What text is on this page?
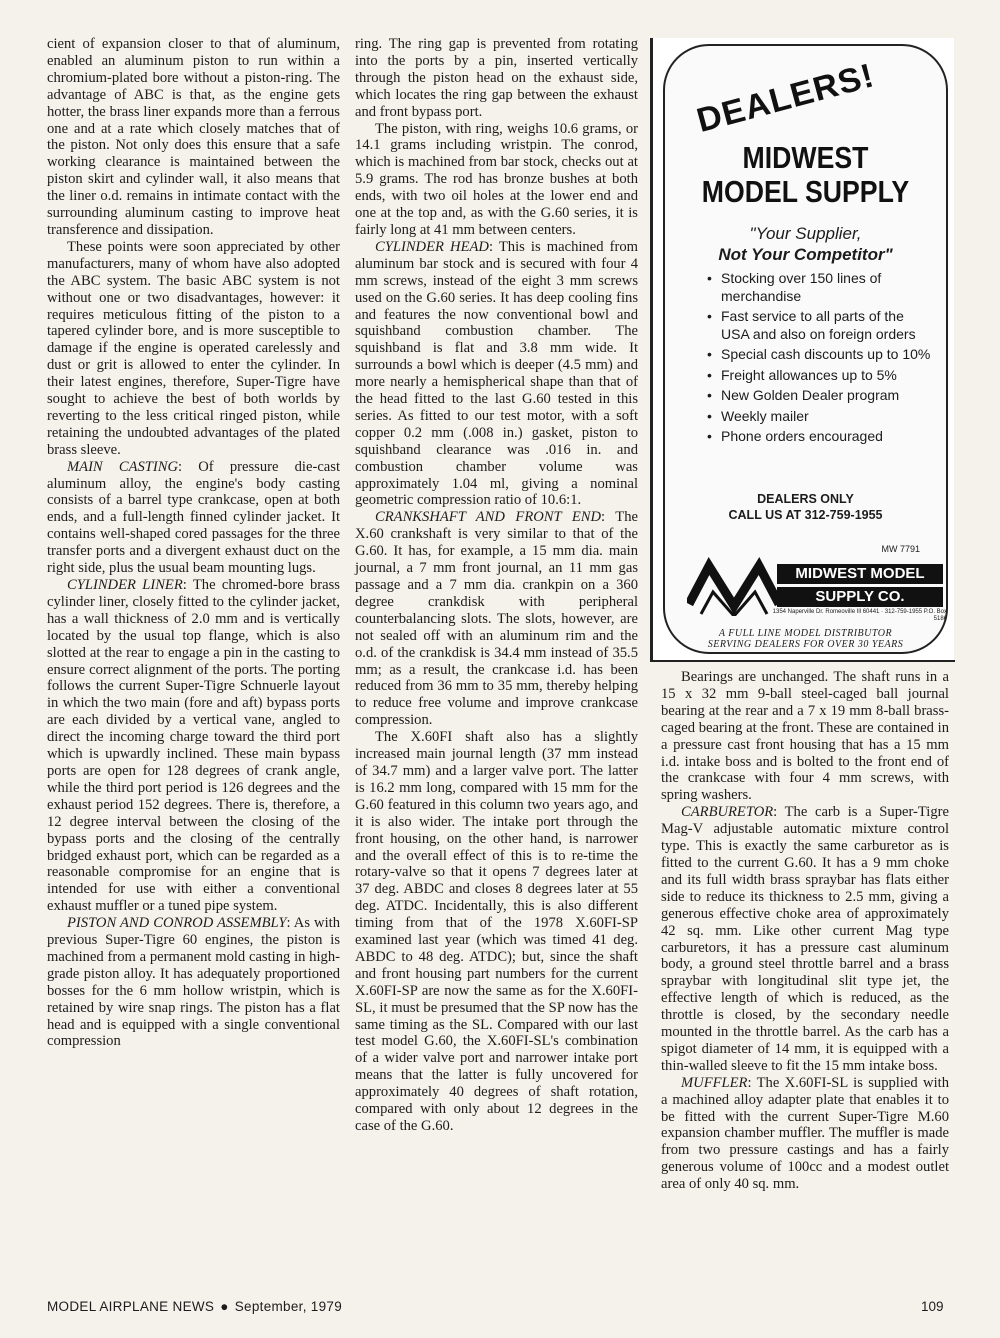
cient of expansion closer to that of aluminum, enabled an aluminum piston to run within a chromium-plated bore without a piston-ring. The advantage of ABC is that, as the engine gets hotter, the brass liner expands more than a ferrous one and at a rate which closely matches that of the piston. Not only does this ensure that a safe working clearance is maintained between the piston skirt and cylinder wall, it also means that the liner o.d. remains in intimate contact with the surrounding aluminum casting to improve heat transference and dissipation.

These points were soon appreciated by other manufacturers, many of whom have also adopted the ABC system. The basic ABC system is not without one or two disadvantages, however: it requires meticulous fitting of the piston to a tapered cylinder bore, and is more susceptible to damage if the engine is operated carelessly and dust or grit is allowed to enter the cylinder. In their latest engines, therefore, Super-Tigre have sought to achieve the best of both worlds by reverting to the less critical ringed piston, while retaining the undoubted advantages of the plated brass sleeve.

MAIN CASTING: Of pressure die-cast aluminum alloy, the engine's body casting consists of a barrel type crankcase, open at both ends, and a full-length finned cylinder jacket. It contains well-shaped cored passages for the three transfer ports and a divergent exhaust duct on the right side, plus the usual beam mounting lugs.

CYLINDER LINER: The chromed-bore brass cylinder liner, closely fitted to the cylinder jacket, has a wall thickness of 2.0 mm and is vertically located by the usual top flange, which is also slotted at the rear to engage a pin in the casting to ensure correct alignment of the ports. The porting follows the current Super-Tigre Schnuerle layout in which the two main (fore and aft) bypass ports are each divided by a vertical vane, angled to direct the incoming charge toward the third port which is upwardly inclined. These main bypass ports are open for 128 degrees of crank angle, while the third port period is 126 degrees and the exhaust period 152 degrees. There is, therefore, a 12 degree interval between the closing of the bypass ports and the closing of the centrally bridged exhaust port, which can be regarded as a reasonable compromise for an engine that is intended for use with either a conventional exhaust muffler or a tuned pipe system.

PISTON AND CONROD ASSEMBLY: As with previous Super-Tigre 60 engines, the piston is machined from a permanent mold casting in high-grade piston alloy. It has adequately proportioned bosses for the 6 mm hollow wristpin, which is retained by wire snap rings. The piston has a flat head and is equipped with a single conventional compression

ring. The ring gap is prevented from rotating into the ports by a pin, inserted vertically through the piston head on the exhaust side, which locates the ring gap between the exhaust and front bypass port.

The piston, with ring, weighs 10.6 grams, or 14.1 grams including wristpin. The conrod, which is machined from bar stock, checks out at 5.9 grams. The rod has bronze bushes at both ends, with two oil holes at the lower end and one at the top and, as with the G.60 series, it is fairly long at 41 mm between centers.

CYLINDER HEAD: This is machined from aluminum bar stock and is secured with four 4 mm screws, instead of the eight 3 mm screws used on the G.60 series. It has deep cooling fins and features the now conventional bowl and squishband combustion chamber. The squishband is flat and 3.8 mm wide. It surrounds a bowl which is deeper (4.5 mm) and more nearly a hemispherical shape than that of the head fitted to the last G.60 tested in this series. As fitted to our test motor, with a soft copper 0.2 mm (.008 in.) gasket, piston to squishband clearance was .016 in. and combustion chamber volume was approximately 1.04 ml, giving a nominal geometric compression ratio of 10.6:1.

CRANKSHAFT AND FRONT END: The X.60 crankshaft is very similar to that of the G.60. It has, for example, a 15 mm dia. main journal, a 7 mm front journal, an 11 mm gas passage and a 7 mm dia. crankpin on a 360 degree crankdisk with peripheral counterbalancing slots. The slots, however, are not sealed off with an aluminum rim and the o.d. of the crankdisk is 34.4 mm instead of 35.5 mm; as a result, the crankcase i.d. has been reduced from 36 mm to 35 mm, thereby helping to reduce free volume and improve crankcase compression.

The X.60FI shaft also has a slightly increased main journal length (37 mm instead of 34.7 mm) and a larger valve port. The latter is 16.2 mm long, compared with 15 mm for the G.60 featured in this column two years ago, and it is also wider. The intake port through the front housing, on the other hand, is narrower and the overall effect of this is to re-time the rotary-valve so that it opens 7 degrees later at 37 deg. ABDC and closes 8 degrees later at 55 deg. ATDC. Incidentally, this is also different timing from that of the 1978 X.60FI-SP examined last year (which was timed 41 deg. ABDC to 48 deg. ATDC); but, since the shaft and front housing part numbers for the current X.60FI-SP are now the same as for the X.60FI-SL, it must be presumed that the SP now has the same timing as the SL. Compared with our last test model G.60, the X.60FI-SL's combination of a wider valve port and narrower intake port means that the latter is fully uncovered for approximately 40 degrees of shaft rotation, compared with only about 12 degrees in the case of the G.60.

Bearings are unchanged. The shaft runs in a 15 x 32 mm 9-ball steel-caged ball journal bearing at the rear and a 7 x 19 mm 8-ball brass-caged bearing at the front. These are contained in a pressure cast front housing that has a 15 mm i.d. intake boss and is bolted to the front end of the crankcase with four 4 mm screws, with spring washers.

CARBURETOR: The carb is a Super-Tigre Mag-V adjustable automatic mixture control type. This is exactly the same carburetor as is fitted to the current G.60. It has a 9 mm choke and its full width brass spraybar has flats either side to reduce its thickness to 2.5 mm, giving a generous effective choke area of approximately 42 sq. mm. Like other current Mag type carburetors, it has a pressure cast aluminum body, a ground steel throttle barrel and a brass spraybar with longitudinal slit type jet, the effective length of which is reduced, as the throttle is closed, by the secondary needle mounted in the throttle barrel. As the carb has a spigot diameter of 14 mm, it is equipped with a thin-walled sleeve to fit the 15 mm intake boss.

MUFFLER: The X.60FI-SL is supplied with a machined alloy adapter plate that enables it to be fitted with the current Super-Tigre M.60 expansion chamber muffler. The muffler is made from two pressure castings and has a fairly generous volume of 100cc and a modest outlet area of only 40 sq. mm.

DEALERS!
MIDWEST
MODEL SUPPLY
"Your Supplier,
Not Your Competitor"
• Stocking over 150 lines of merchandise
• Fast service to all parts of the USA and also on foreign orders
• Special cash discounts up to 10%
• Freight allowances up to 5%
• New Golden Dealer program
• Weekly mailer
• Phone orders encouraged
DEALERS ONLY
CALL US AT 312-759-1955
MW 7791
MIDWEST MODEL
SUPPLY CO.
1354 Naperville Dr. Romeoville Ill 60441 · 312-759-1955 P.O. Box 5186
A FULL LINE MODEL DISTRIBUTOR
SERVING DEALERS FOR OVER 30 YEARS
MODEL AIRPLANE NEWS ● September, 1979	109
